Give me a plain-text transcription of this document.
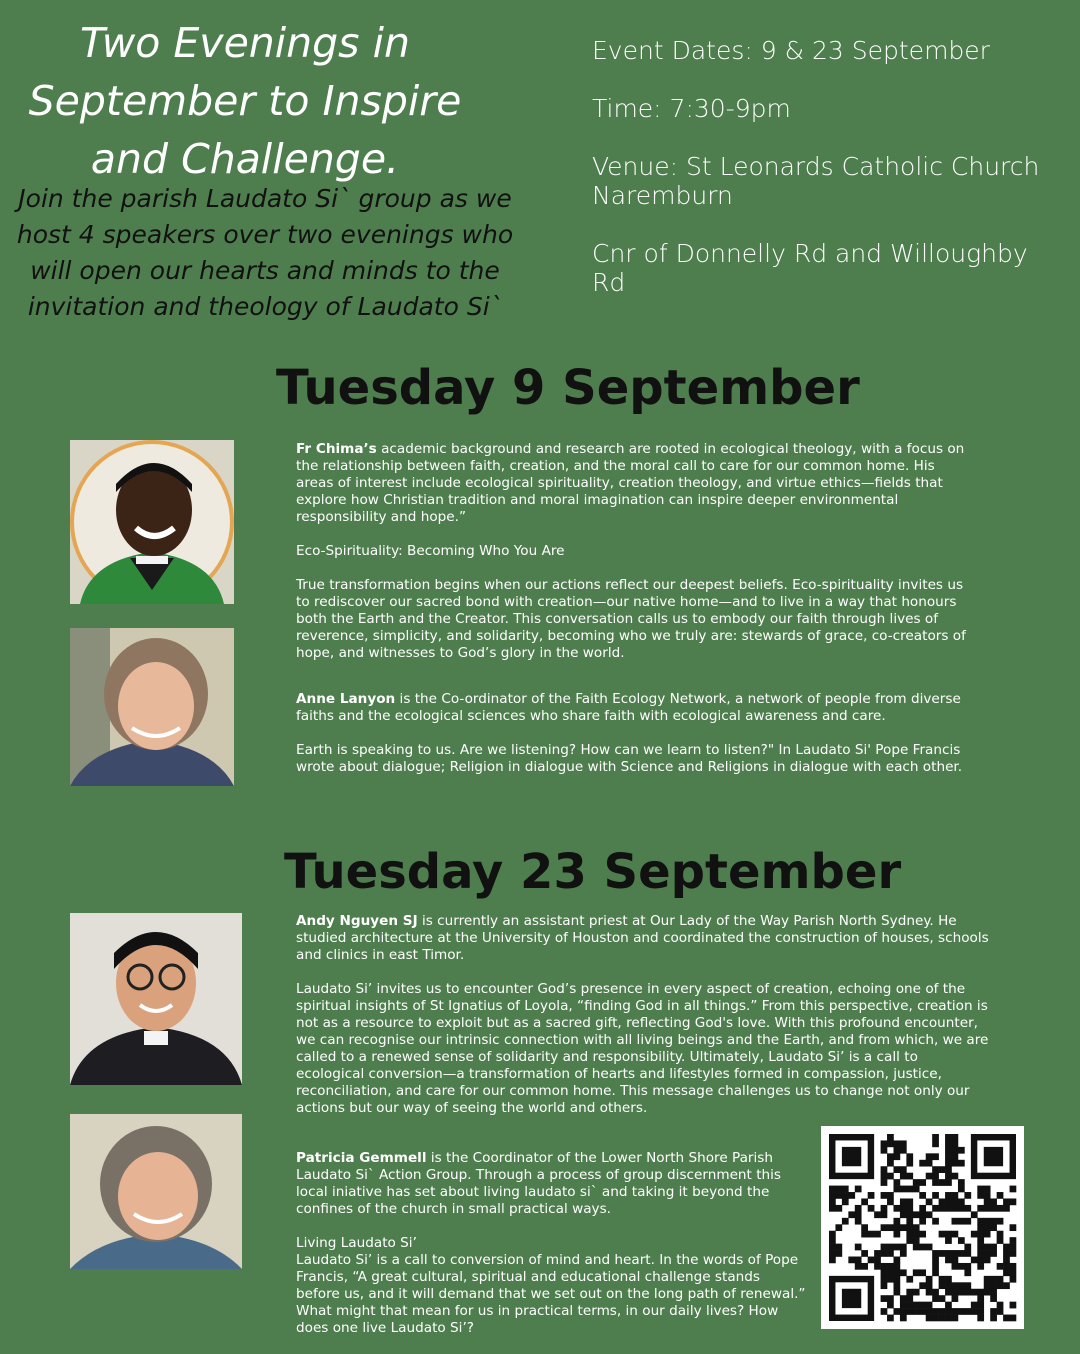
Two Evenings in September to Inspire and Challenge.
Join the parish Laudato Si` group as we host 4 speakers over two evenings who will open our hearts and minds to the invitation and theology of Laudato Si`
Event Dates: 9 & 23 September
Time: 7:30-9pm
Venue: St Leonards Catholic Church Naremburn
Cnr of Donnelly Rd and Willoughby Rd
Tuesday 9 September

Fr Chima’s academic background and research are rooted in ecological theology, with a focus on the relationship between faith, creation, and the moral call to care for our common home. His areas of interest include ecological spirituality, creation theology, and virtue ethics—fields that explore how Christian tradition and moral imagination can inspire deeper environmental responsibility and hope.”

Eco-Spirituality: Becoming Who You Are

True transformation begins when our actions reflect our deepest beliefs. Eco-spirituality invites us to rediscover our sacred bond with creation—our native home—and to live in a way that honours both the Earth and the Creator. This conversation calls us to embody our faith through lives of reverence, simplicity, and solidarity, becoming who we truly are: stewards of grace, co-creators of hope, and witnesses to God’s glory in the world.

Anne Lanyon is the Co-ordinator of the Faith Ecology Network, a network of people from diverse faiths and the ecological sciences who share faith with ecological awareness and care.

Earth is speaking to us. Are we listening? How can we learn to listen?" In Laudato Si' Pope Francis wrote about dialogue; Religion in dialogue with Science and Religions in dialogue with each other.

Tuesday 23 September

Andy Nguyen SJ is currently an assistant priest at Our Lady of the Way Parish North Sydney. He studied architecture at the University of Houston and coordinated the construction of houses, schools and clinics in east Timor.

Laudato Si’ invites us to encounter God’s presence in every aspect of creation, echoing one of the spiritual insights of St Ignatius of Loyola, “finding God in all things.” From this perspective, creation is not as a resource to exploit but as a sacred gift, reflecting God's love. With this profound encounter, we can recognise our intrinsic connection with all living beings and the Earth, and from which, we are called to a renewed sense of solidarity and responsibility. Ultimately, Laudato Si’ is a call to ecological conversion—a transformation of hearts and lifestyles formed in compassion, justice, reconciliation, and care for our common home. This message challenges us to change not only our actions but our way of seeing the world and others.

Patricia Gemmell is the Coordinator of the Lower North Shore Parish Laudato Si` Action Group. Through a process of group discernment this local iniative has set about living laudato si` and taking it beyond the confines of the church in small practical ways.

Living Laudato Si’

Laudato Si’ is a call to conversion of mind and heart. In the words of Pope Francis, “A great cultural, spiritual and educational challenge stands before us, and it will demand that we set out on the long path of renewal.” What might that mean for us in practical terms, in our daily lives? How does one live Laudato Si’?
